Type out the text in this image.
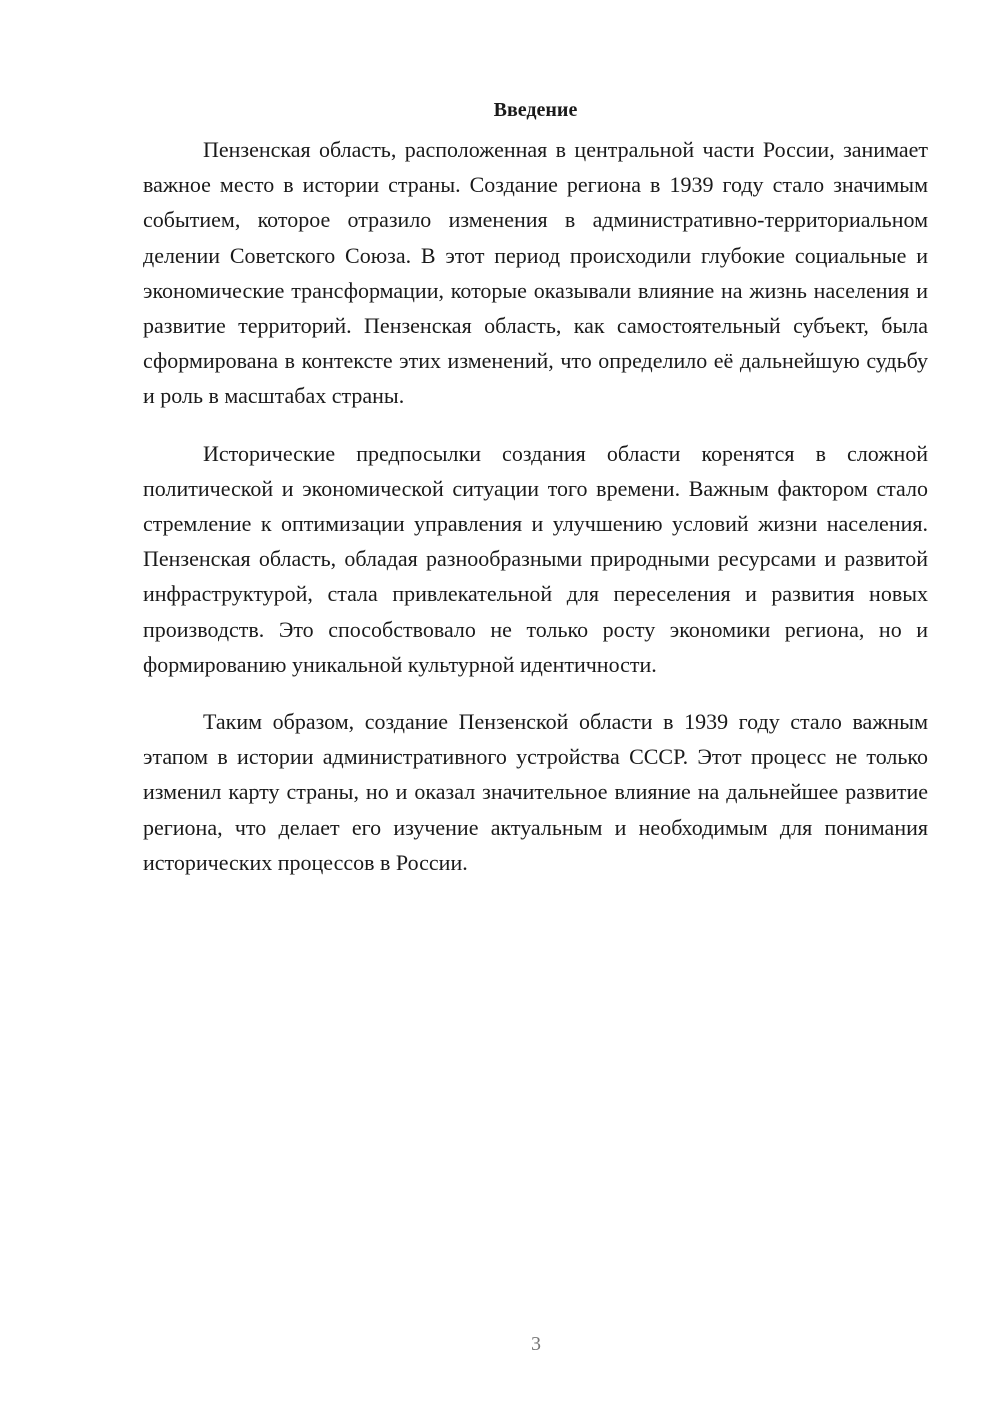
Введение

Пензенская область, расположенная в центральной части России, занимает важное место в истории страны. Создание региона в 1939 году стало значимым событием, которое отразило изменения в административно-территориальном делении Советского Союза. В этот период происходили глубокие социальные и экономические трансформации, которые оказывали влияние на жизнь населения и развитие территорий. Пензенская область, как самостоятельный субъект, была сформирована в контексте этих изменений, что определило её дальнейшую судьбу и роль в масштабах страны.

Исторические предпосылки создания области коренятся в сложной политической и экономической ситуации того времени. Важным фактором стало стремление к оптимизации управления и улучшению условий жизни населения. Пензенская область, обладая разнообразными природными ресурсами и развитой инфраструктурой, стала привлекательной для переселения и развития новых производств. Это способствовало не только росту экономики региона, но и формированию уникальной культурной идентичности.

Таким образом, создание Пензенской области в 1939 году стало важным этапом в истории административного устройства СССР. Этот процесс не только изменил карту страны, но и оказал значительное влияние на дальнейшее развитие региона, что делает его изучение актуальным и необходимым для понимания исторических процессов в России.

3
